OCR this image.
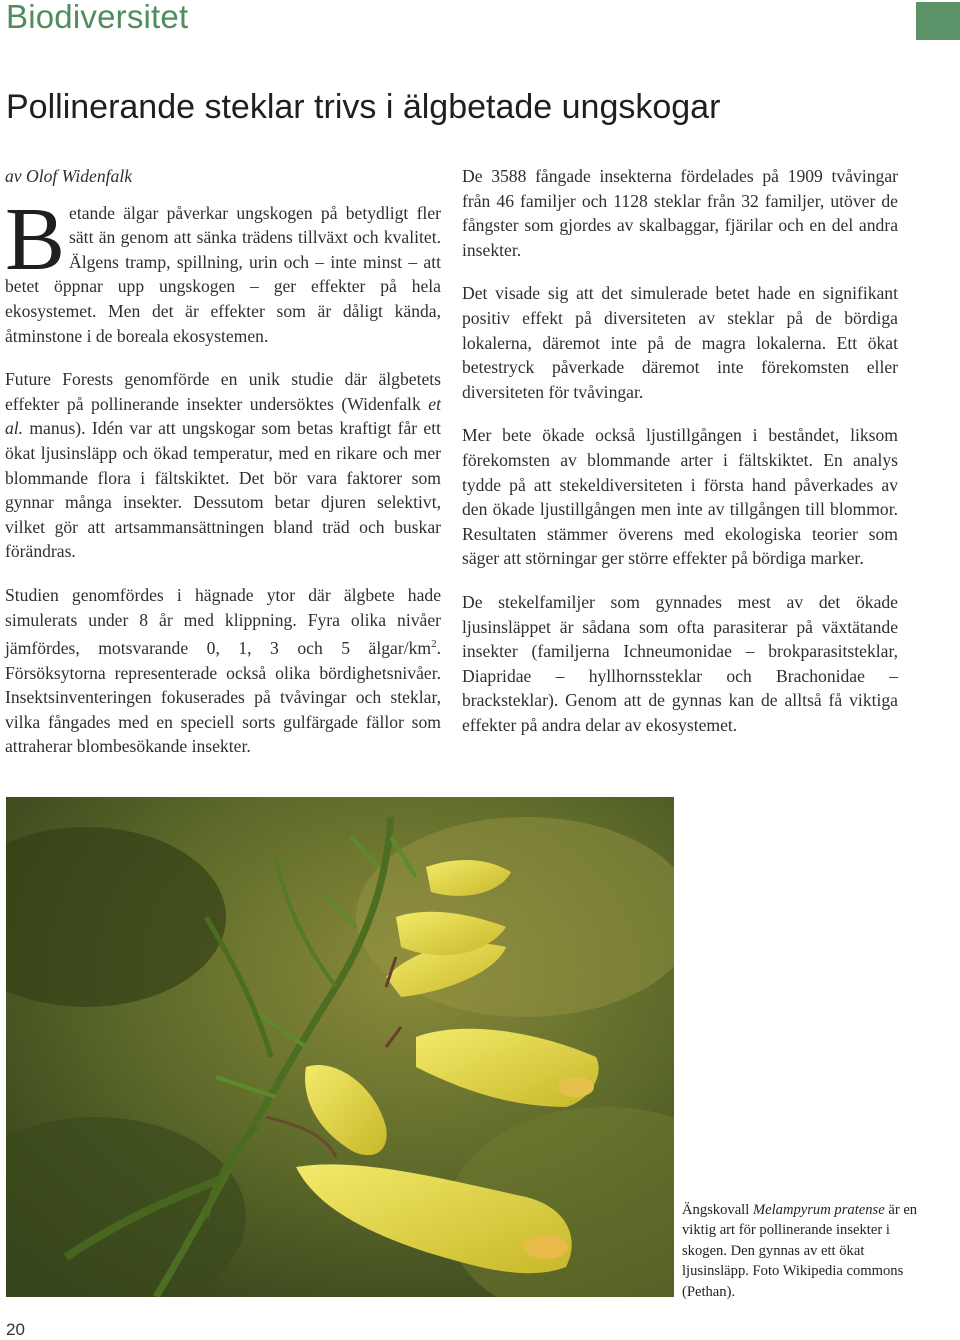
Biodiversitet
Pollinerande steklar trivs i älgbetade ungskogar

av Olof Widenfalk

Betande älgar påverkar ungskogen på betydligt fler sätt än genom att sänka trädens tillväxt och kvalitet. Älgens tramp, spillning, urin och – inte minst – att betet öppnar upp ungskogen – ger effekter på hela ekosystemet. Men det är effekter som är dåligt kända, åtminstone i de boreala ekosystemen.

Future Forests genomförde en unik studie där älgbetets effekter på pollinerande insekter undersöktes (Widenfalk et al. manus). Idén var att ungskogar som betas kraftigt får ett ökat ljusinsläpp och ökad temperatur, med en rikare och mer blommande flora i fältskiktet. Det bör vara faktorer som gynnar många insekter. Dessutom betar djuren selektivt, vilket gör att artsammansättningen bland träd och buskar förändras.

Studien genomfördes i hägnade ytor där älgbete hade simulerats under 8 år med klippning. Fyra olika nivåer jämfördes, motsvarande 0, 1, 3 och 5 älgar/$km^2$. Försöksytorna representerade också olika bördighetsnivåer. Insektsinventeringen fokuserades på tvåvingar och steklar, vilka fångades med en speciell sorts gulfärgade fällor som attraherar blombesökande insekter.

De 3588 fångade insekterna fördelades på 1909 tvåvingar från 46 familjer och 1128 steklar från 32 familjer, utöver de fångster som gjordes av skalbaggar, fjärilar och en del andra insekter.

Det visade sig att det simulerade betet hade en signifikant positiv effekt på diversiteten av steklar på de bördiga lokalerna, däremot inte på de magra lokalerna. Ett ökat betestryck påverkade däremot inte förekomsten eller diversiteten för tvåvingar.

Mer bete ökade också ljustillgången i beståndet, liksom förekomsten av blommande arter i fältskiktet. En analys tydde på att stekeldiversiteten i första hand påverkades av den ökade ljustillgången men inte av tillgången till blommor. Resultaten stämmer överens med ekologiska teorier som säger att störningar ger större effekter på bördiga marker.

De stekelfamiljer som gynnades mest av det ökade ljusinsläppet är sådana som ofta parasiterar på växtätande insekter (familjerna Ichneumonidae – brokparasitsteklar, Diapridae – hyllhornssteklar och Brachonidae – bracksteklar). Genom att de gynnas kan de alltså få viktiga effekter på andra delar av ekosystemet.

Ängskovall Melampyrum pratense är en viktig art för pollinerande insekter i skogen. Den gynnas av ett ökat ljusinsläpp. Foto Wikipedia commons (Pethan).
20
